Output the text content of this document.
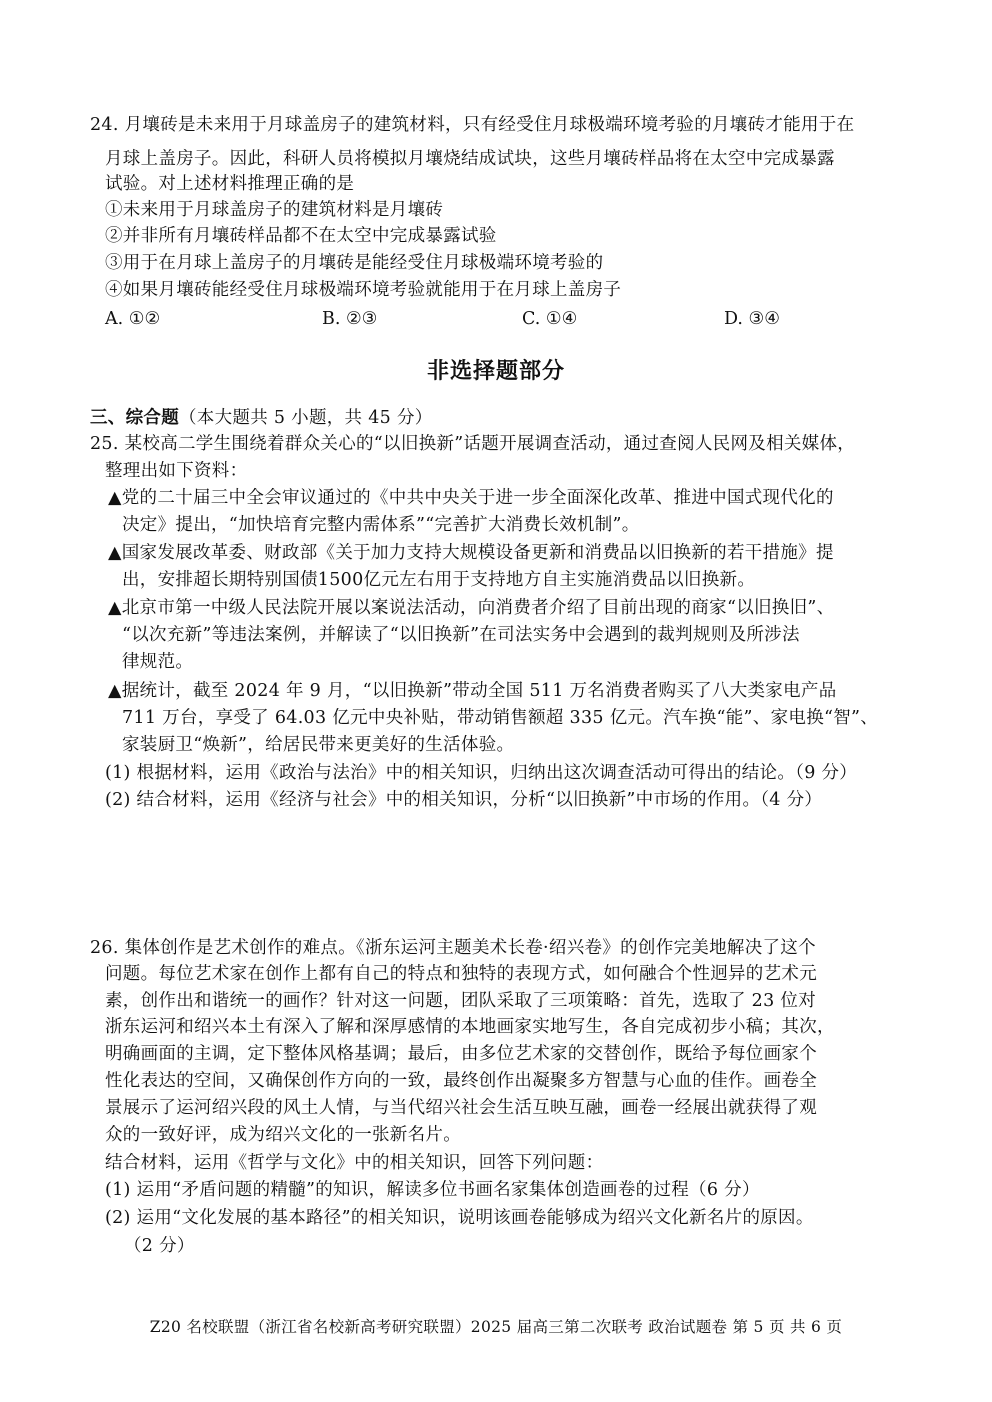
24. 月壤砖是未来用于月球盖房子的建筑材料，只有经受住月球极端环境考验的月壤砖才能用于在
月球上盖房子。因此，科研人员将模拟月壤烧结成试块，这些月壤砖样品将在太空中完成暴露
试验。对上述材料推理正确的是
①未来用于月球盖房子的建筑材料是月壤砖
②并非所有月壤砖样品都不在太空中完成暴露试验
③用于在月球上盖房子的月壤砖是能经受住月球极端环境考验的
④如果月壤砖能经受住月球极端环境考验就能用于在月球上盖房子
A. ①②	B. ②③	C. ①④	D. ③④
非选择题部分
三、综合题（本大题共 5 小题，共 45 分）
25. 某校高二学生围绕着群众关心的“以旧换新”话题开展调查活动，通过查阅人民网及相关媒体，
整理出如下资料：
▲党的二十届三中全会审议通过的《中共中央关于进一步全面深化改革、推进中国式现代化的
决定》提出，“加快培育完整内需体系”“完善扩大消费长效机制”。
▲国家发展改革委、财政部《关于加力支持大规模设备更新和消费品以旧换新的若干措施》提
出，安排超长期特别国债1500亿元左右用于支持地方自主实施消费品以旧换新。
▲北京市第一中级人民法院开展以案说法活动，向消费者介绍了目前出现的商家“以旧换旧”、
“以次充新”等违法案例，并解读了“以旧换新”在司法实务中会遇到的裁判规则及所涉法
律规范。
▲据统计，截至 2024 年 9 月，“以旧换新”带动全国 511 万名消费者购买了八大类家电产品
711 万台，享受了 64.03 亿元中央补贴，带动销售额超 335 亿元。汽车换“能”、家电换“智”、
家装厨卫“焕新”，给居民带来更美好的生活体验。
(1) 根据材料，运用《政治与法治》中的相关知识，归纳出这次调查活动可得出的结论。（9 分）
(2) 结合材料，运用《经济与社会》中的相关知识，分析“以旧换新”中市场的作用。（4 分）
26. 集体创作是艺术创作的难点。《浙东运河主题美术长卷·绍兴卷》的创作完美地解决了这个
问题。每位艺术家在创作上都有自己的特点和独特的表现方式，如何融合个性迥异的艺术元
素，创作出和谐统一的画作？针对这一问题，团队采取了三项策略：首先，选取了 23 位对
浙东运河和绍兴本土有深入了解和深厚感情的本地画家实地写生，各自完成初步小稿；其次，
明确画面的主调，定下整体风格基调；最后，由多位艺术家的交替创作，既给予每位画家个
性化表达的空间，又确保创作方向的一致，最终创作出凝聚多方智慧与心血的佳作。画卷全
景展示了运河绍兴段的风土人情，与当代绍兴社会生活互映互融，画卷一经展出就获得了观
众的一致好评，成为绍兴文化的一张新名片。
结合材料，运用《哲学与文化》中的相关知识，回答下列问题：
(1) 运用“矛盾问题的精髓”的知识，解读多位书画名家集体创造画卷的过程（6 分）
(2) 运用“文化发展的基本路径”的相关知识，说明该画卷能够成为绍兴文化新名片的原因。
（2 分）
Z20 名校联盟（浙江省名校新高考研究联盟）2025 届高三第二次联考 政治试题卷 第 5 页 共 6 页
